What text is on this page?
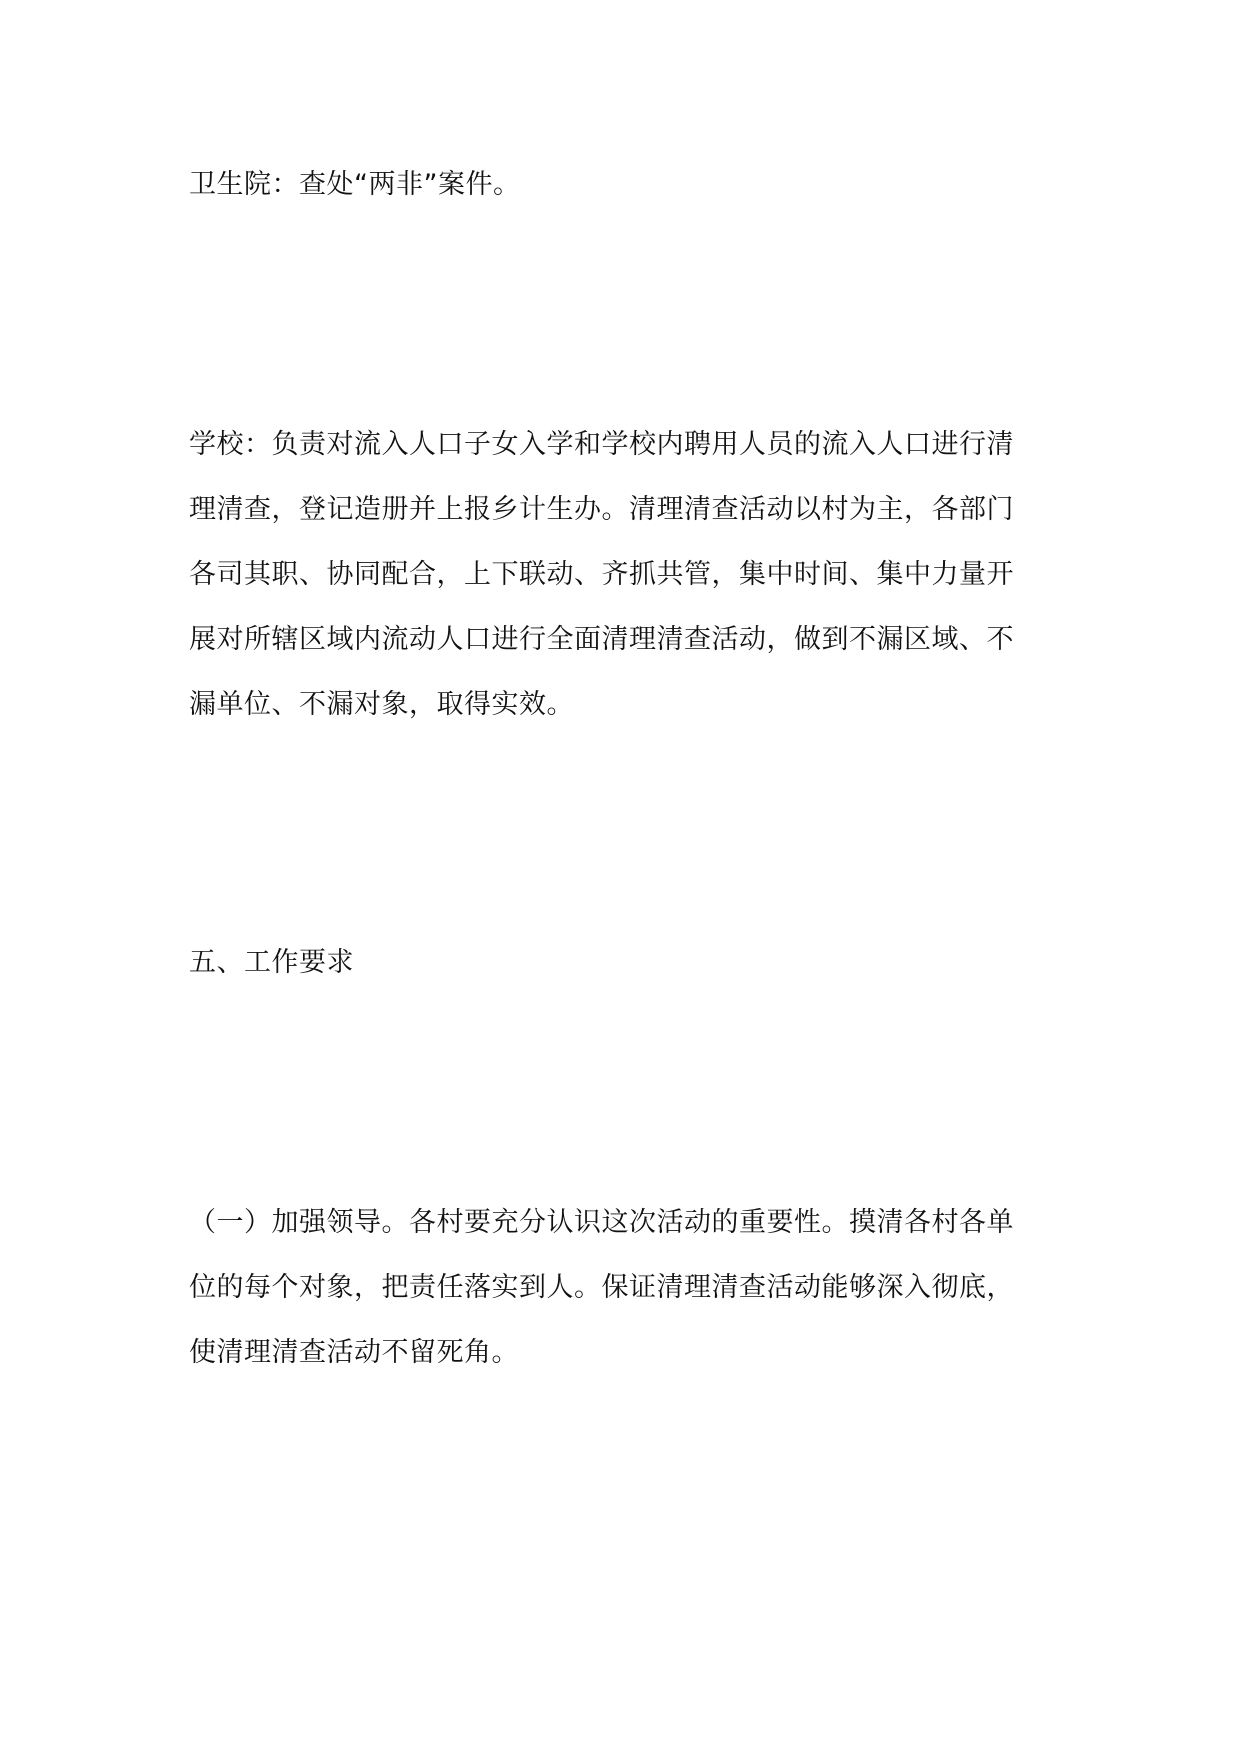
卫生院：查处“两非”案件。

学校：负责对流入人口子女入学和学校内聘用人员的流入人口进行清
理清查，登记造册并上报乡计生办。清理清查活动以村为主，各部门
各司其职、协同配合，上下联动、齐抓共管，集中时间、集中力量开
展对所辖区域内流动人口进行全面清理清查活动，做到不漏区域、不
漏单位、不漏对象，取得实效。

五、工作要求

（一）加强领导。各村要充分认识这次活动的重要性。摸清各村各单
位的每个对象，把责任落实到人。保证清理清查活动能够深入彻底，
使清理清查活动不留死角。
